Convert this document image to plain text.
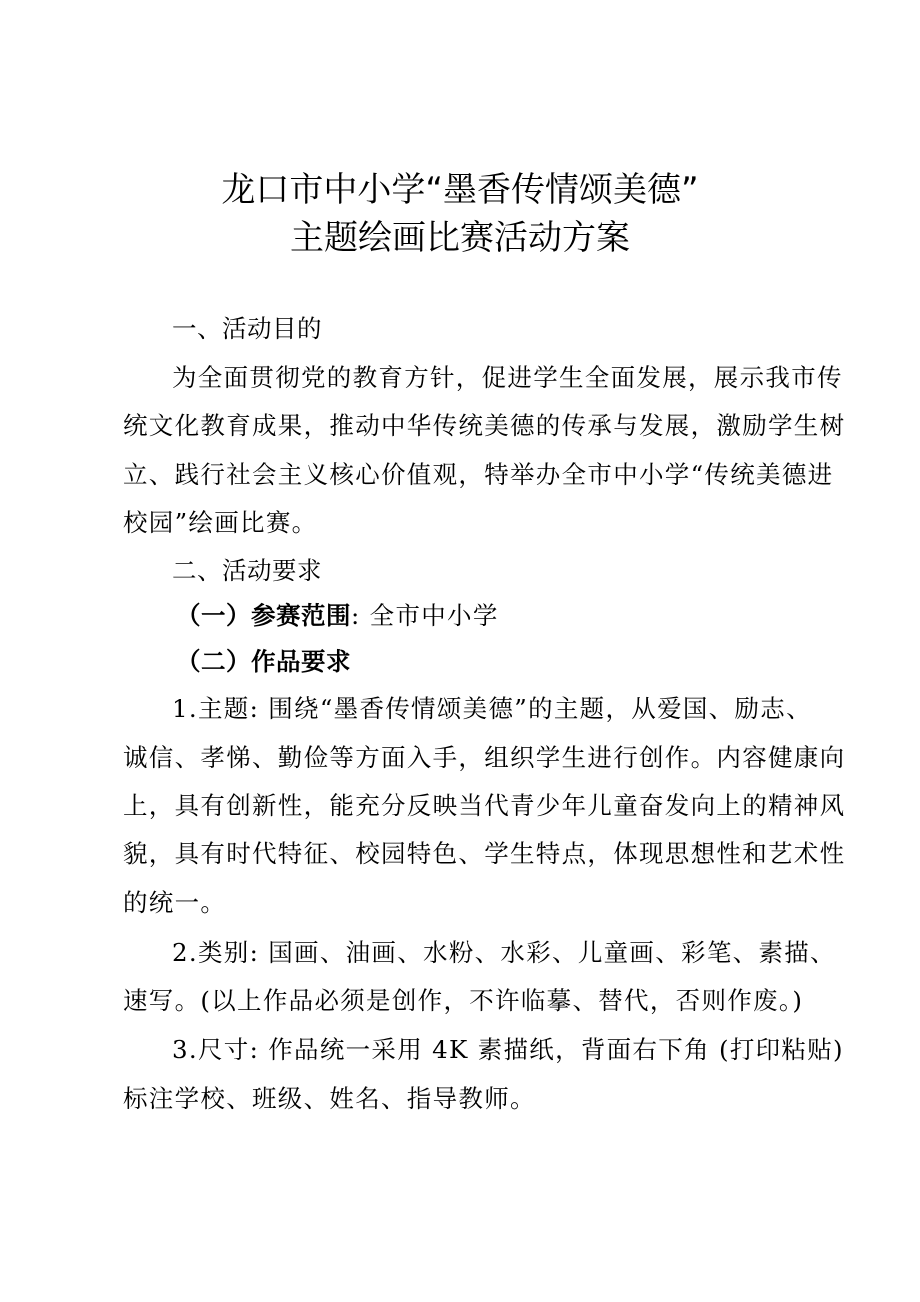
龙口市中小学“墨香传情颂美德”
主题绘画比赛活动方案
一、活动目的
为全面贯彻党的教育方针，促进学生全面发展，展示我市传
统文化教育成果，推动中华传统美德的传承与发展，激励学生树
立、践行社会主义核心价值观，特举办全市中小学“传统美德进
校园”绘画比赛。
二、活动要求
（一）参赛范围: 全市中小学
（二）作品要求
1.主题: 围绕“墨香传情颂美德”的主题，从爱国、励志、
诚信、孝悌、勤俭等方面入手，组织学生进行创作。内容健康向
上，具有创新性，能充分反映当代青少年儿童奋发向上的精神风
貌，具有时代特征、校园特色、学生特点，体现思想性和艺术性
的统一。
2.类别: 国画、油画、水粉、水彩、儿童画、彩笔、素描、
速写。(以上作品必须是创作，不许临摹、替代，否则作废。)
3.尺寸: 作品统一采用 4K 素描纸，背面右下角 (打印粘贴)
标注学校、班级、姓名、指导教师。
